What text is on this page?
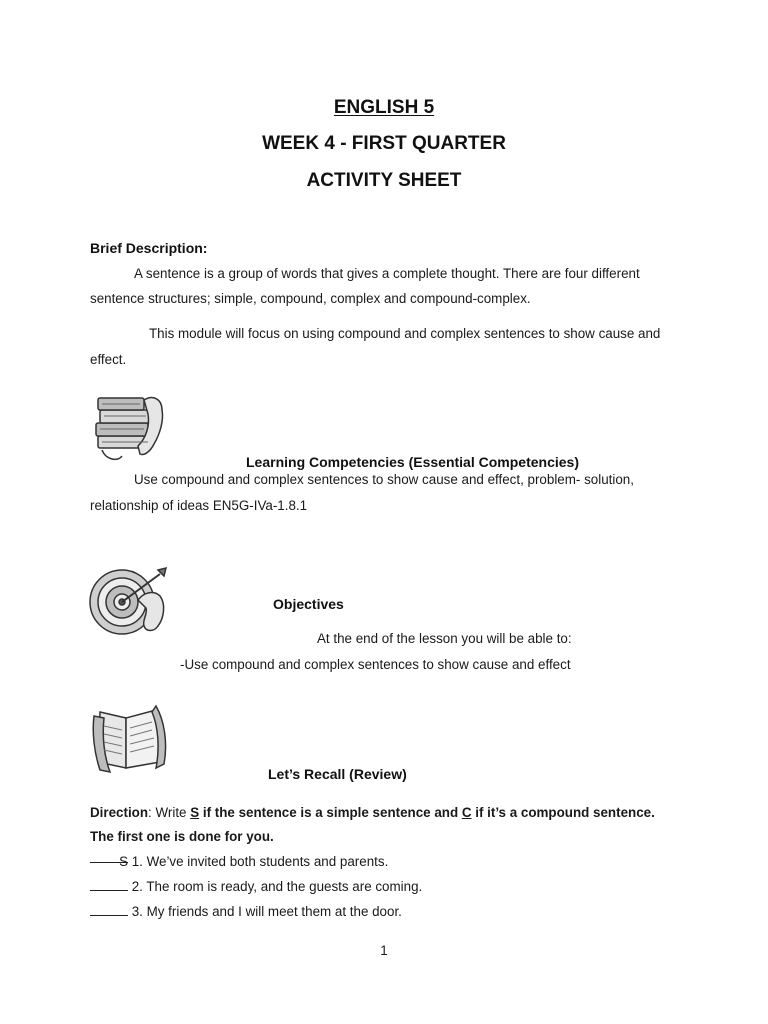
ENGLISH 5
WEEK 4 - FIRST QUARTER
ACTIVITY SHEET
Brief Description:
A sentence is a group of words that gives a complete thought. There are four different
sentence structures; simple, compound, complex and compound-complex.
This module will focus on using compound and complex sentences to show cause and
effect.
Learning Competencies (Essential Competencies)
Use compound and complex sentences to show cause and effect, problem- solution,
relationship of ideas EN5G-IVa-1.8.1
Objectives
At the end of the lesson you will be able to:
-Use compound and complex sentences to show cause and effect
Let’s Recall (Review)
Direction: Write S if the sentence is a simple sentence and C if it’s a compound sentence.
The first one is done for you.
S 1. We’ve invited both students and parents.
2. The room is ready, and the guests are coming.
3. My friends and I will meet them at the door.
1
